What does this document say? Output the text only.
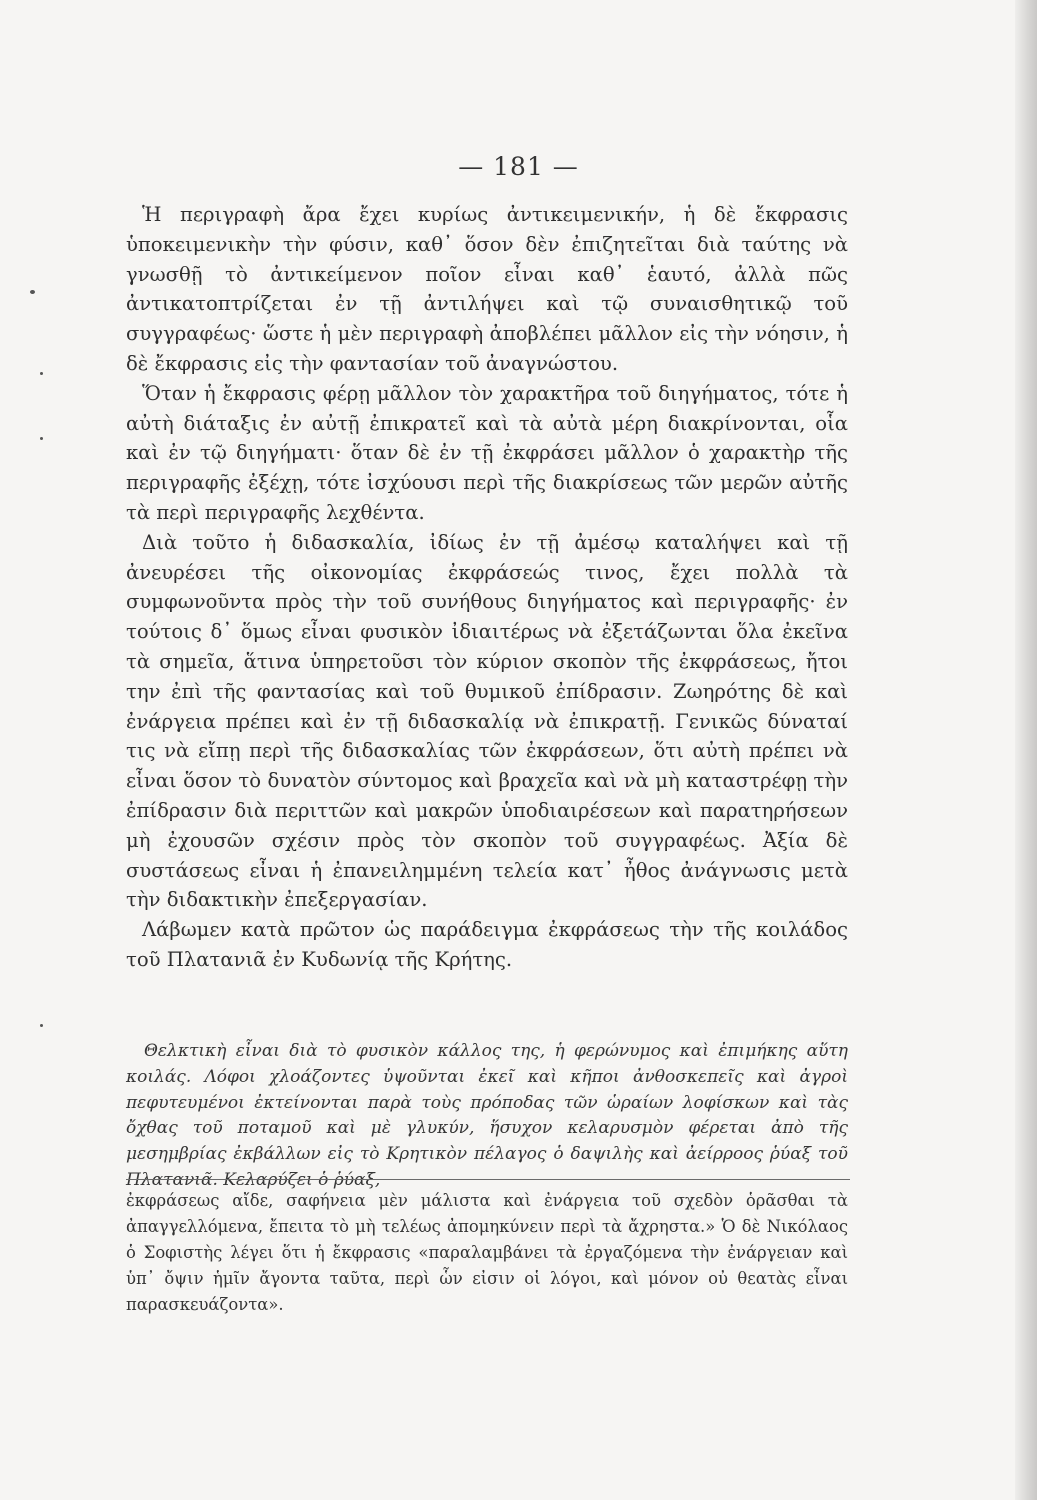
— 181 —

Ἡ περιγραφὴ ἄρα ἔχει κυρίως ἀντικειμενικήν, ἡ δὲ ἔκφρασις ὑποκειμενικὴν τὴν φύσιν, καθ᾽ ὅσον δὲν ἐπιζητεῖται διὰ ταύτης νὰ γνωσθῇ τὸ ἀντικείμενον ποῖον εἶναι καθ᾽ ἑαυτό, ἀλλὰ πῶς ἀντικατοπτρίζεται ἐν τῇ ἀντιλήψει καὶ τῷ συναισθητικῷ τοῦ συγγραφέως· ὥστε ἡ μὲν περιγραφὴ ἀποβλέπει μᾶλλον εἰς τὴν νόησιν, ἡ δὲ ἔκφρασις εἰς τὴν φαντασίαν τοῦ ἀναγνώστου.

Ὅταν ἡ ἔκφρασις φέρῃ μᾶλλον τὸν χαρακτῆρα τοῦ διηγήματος, τότε ἡ αὐτὴ διάταξις ἐν αὐτῇ ἐπικρατεῖ καὶ τὰ αὐτὰ μέρη διακρίνονται, οἷα καὶ ἐν τῷ διηγήματι· ὅταν δὲ ἐν τῇ ἐκφράσει μᾶλλον ὁ χαρακτὴρ τῆς περιγραφῆς ἐξέχῃ, τότε ἰσχύουσι περὶ τῆς διακρίσεως τῶν μερῶν αὐτῆς τὰ περὶ περιγραφῆς λεχθέντα.

Διὰ τοῦτο ἡ διδασκαλία, ἰδίως ἐν τῇ ἀμέσῳ καταλήψει καὶ τῇ ἀνευρέσει τῆς οἰκονομίας ἐκφράσεώς τινος, ἔχει πολλὰ τὰ συμφωνοῦντα πρὸς τὴν τοῦ συνήθους διηγήματος καὶ περιγραφῆς· ἐν τούτοις δ᾽ ὅμως εἶναι φυσικὸν ἰδιαιτέρως νὰ ἐξετάζωνται ὅλα ἐκεῖνα τὰ σημεῖα, ἅτινα ὑπηρετοῦσι τὸν κύριον σκοπὸν τῆς ἐκφράσεως, ἤτοι την ἐπὶ τῆς φαντασίας καὶ τοῦ θυμικοῦ ἐπίδρασιν. Ζωηρότης δὲ καὶ ἐνάργεια πρέπει καὶ ἐν τῇ διδασκαλίᾳ νὰ ἐπικρατῇ. Γενικῶς δύναταί τις νὰ εἴπῃ περὶ τῆς διδασκαλίας τῶν ἐκφράσεων, ὅτι αὐτὴ πρέπει νὰ εἶναι ὅσον τὸ δυνατὸν σύντομος καὶ βραχεῖα καὶ νὰ μὴ καταστρέφῃ τὴν ἐπίδρασιν διὰ περιττῶν καὶ μακρῶν ὑποδιαιρέσεων καὶ παρατηρήσεων μὴ ἐχουσῶν σχέσιν πρὸς τὸν σκοπὸν τοῦ συγγραφέως. Ἀξία δὲ συστάσεως εἶναι ἡ ἐπανειλημμένη τελεία κατ᾽ ἦθος ἀνάγνωσις μετὰ τὴν διδακτικὴν ἐπεξεργασίαν.

Λάβωμεν κατὰ πρῶτον ὡς παράδειγμα ἐκφράσεως τὴν τῆς κοιλάδος τοῦ Πλατανιᾶ ἐν Κυδωνίᾳ τῆς Κρήτης.

Θελκτικὴ εἶναι διὰ τὸ φυσικὸν κάλλος της, ἡ φερώνυμος καὶ ἐπιμήκης αὕτη κοιλάς. Λόφοι χλοάζοντες ὑψοῦνται ἐκεῖ καὶ κῆποι ἀνθοσκεπεῖς καὶ ἀγροὶ πεφυτευμένοι ἐκτείνονται παρὰ τοὺς πρόποδας τῶν ὡραίων λοφίσκων καὶ τὰς ὄχθας τοῦ ποταμοῦ καὶ μὲ γλυκύν, ἥσυχον κελαρυσμὸν φέρεται ἀπὸ τῆς μεσημβρίας ἐκβάλλων εἰς τὸ Κρητικὸν πέλαγος ὁ δαψιλὴς καὶ ἀείρροος ῥύαξ τοῦ Πλατανιᾶ. Κελαρύζει ὁ ῥύαξ,
ἐκφράσεως αἴδε, σαφήνεια μὲν μάλιστα καὶ ἐνάργεια τοῦ σχεδὸν ὁρᾶσθαι τὰ ἀπαγγελλόμενα, ἔπειτα τὸ μὴ τελέως ἀπομηκύνειν περὶ τὰ ἄχρηστα.» Ὁ δὲ Νικόλαος ὁ Σοφιστὴς λέγει ὅτι ἡ ἔκφρασις «παραλαμβάνει τὰ ἐργαζόμενα τὴν ἐνάργειαν καὶ ὑπ᾽ ὄψιν ἡμῖν ἄγοντα ταῦτα, περὶ ὧν εἰσιν οἱ λόγοι, καὶ μόνον οὐ θεατὰς εἶναι παρασκευάζοντα».
